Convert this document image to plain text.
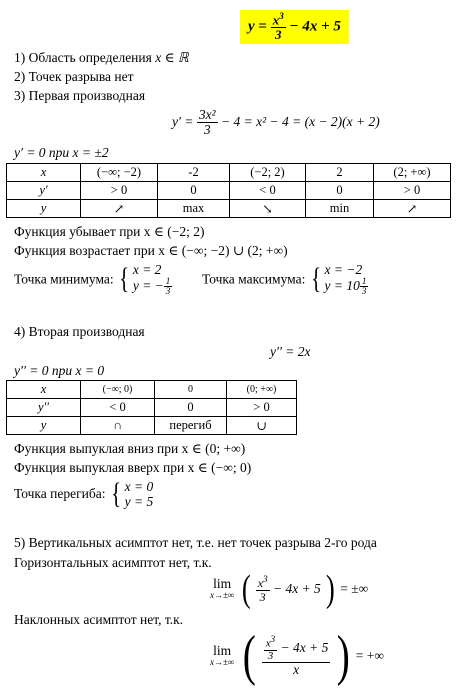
$y = \frac{x^3}{3} - 4x + 5$
1) Область определения x ∈ ℝ
2) Точек разрыва нет
3) Первая производная
$y' = \frac{\text{3x²}}{3} - 4 = x^2 - 4 = (x - 2)(x + 2)$
y′ = 0 при x = ±2
x	(−∞; −2)	-2	(−2; 2)	2	(2; +∞)
y′	> 0	0	< 0	0	> 0
y	↗	max	↘	min	↗
Функция убывает при x ∈ (−2; 2)
Функция возрастает при x ∈ (−∞; −2) ∪ (2; +∞)
Точка минимума: { x = 2
y = − $\frac{1}{3}$ Точка максимума: { x = −2
$y = 10 \frac{1}{3}$
4) Вторая производная
y′′ = 2x
y′′ = 0 при x = 0
x	(−∞; 0)	0	(0; +∞)
y′′	< 0	0	> 0
y	∩	перегиб	∪
Функция выпуклая вниз при x ∈ (0; +∞)
Функция выпуклая вверх при x ∈ (−∞; 0)
Точка перегиба: { x = 0
y = 5
5) Вертикальных асимптот нет, т.е. нет точек разрыва 2-го рода
Горизонтальных асимптот нет, т.к.
lim
x→±∞ ( $\frac{x^3}{3} - 4x + 5$ ) = ±∞
Наклонных асимптот нет, т.к.
lim
x→±∞ ( $\frac{\frac{x^3}{3} - 4x + 5}{x}$ ) = +∞
